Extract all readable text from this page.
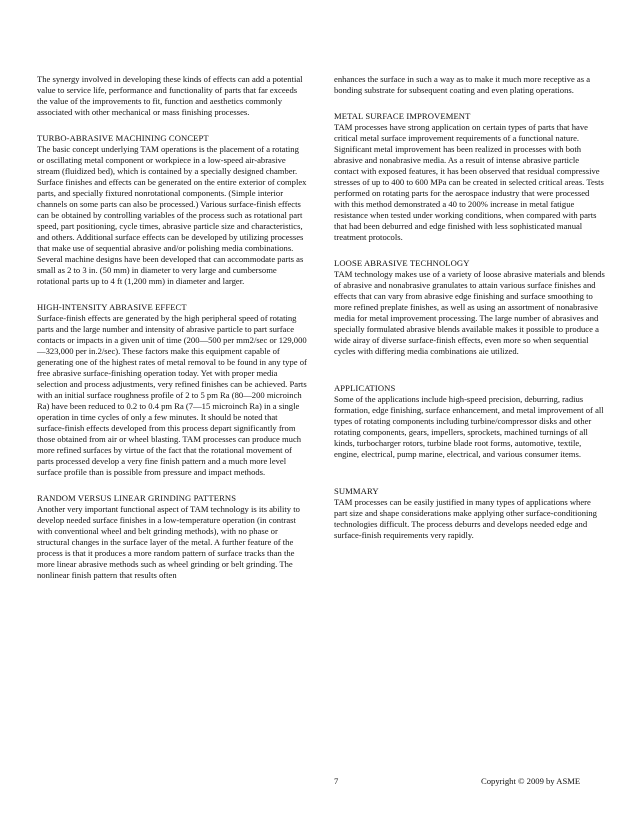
The synergy involved in developing these kinds of effects can add a potential value to service life, performance and functionality of parts that far exceeds the value of the improvements to fit, function and aesthetics commonly associated with other mechanical or mass finishing processes.

TURBO-ABRASIVE MACHINING CONCEPT

The basic concept underlying TAM operations is the placement of a rotating or oscillating metal component or workpiece in a low-speed air-abrasive stream (fluidized bed), which is contained by a specially designed chamber. Surface finishes and effects can be generated on the entire exterior of complex parts, and specially fixtured nonrotational components. (Simple interior channels on some parts can also be processed.) Various surface-finish effects can be obtained by controlling variables of the process such as rotational part speed, part positioning, cycle times, abrasive particle size and characteristics, and others. Additional surface effects can be developed by utilizing processes that make use of sequential abrasive and/or polishing media combinations. Several machine designs have been developed that can accommodate parts as small as 2 to 3 in. (50 mm) in diameter to very large and cumbersome rotational parts up to 4 ft (1,200 mm) in diameter and larger.

HIGH-INTENSITY ABRASIVE EFFECT

Surface-finish effects are generated by the high peripheral speed of rotating parts and the large number and intensity of abrasive particle to part surface contacts or impacts in a given unit of time (200—500 per mm2/sec or 129,000—323,000 per in.2/sec). These factors make this equipment capable of generating one of the highest rates of metal removal to be found in any type of free abrasive surface-finishing operation today. Yet with proper media selection and process adjustments, very refined finishes can be achieved. Parts with an initial surface roughness profile of 2 to 5 pm Ra (80—200 microinch Ra) have been reduced to 0.2 to 0.4 pm Ra (7—15 microinch Ra) in a single operation in time cycles of only a few minutes. It should be noted that surface-finish effects developed from this process depart significantly from those obtained from air or wheel blasting. TAM processes can produce much more refined surfaces by virtue of the fact that the rotational movement of parts processed develop a very fine finish pattern and a much more level surface profile than is possible from pressure and impact methods.

RANDOM VERSUS LINEAR GRINDING PATTERNS

Another very important functional aspect of TAM technology is its ability to develop needed surface finishes in a low-temperature operation (in contrast with conventional wheel and belt grinding methods), with no phase or structural changes in the surface layer of the metal. A further feature of the process is that it produces a more random pattern of surface tracks than the more linear abrasive methods such as wheel grinding or belt grinding. The nonlinear finish pattern that results often

enhances the surface in such a way as to make it much more receptive as a bonding substrate for subsequent coating and even plating operations.

METAL SURFACE IMPROVEMENT

TAM processes have strong application on certain types of parts that have critical metal surface improvement requirements of a functional nature. Significant metal improvement has been realized in processes with both abrasive and nonabrasive media. As a resuit of intense abrasive particle contact with exposed features, it has been observed that residual compressive stresses of up to 400 to 600 MPa can be created in selected critical areas. Tests performed on rotating parts for the aerospace industry that were processed with this method demonstrated a 40 to 200% increase in metal fatigue resistance when tested under working conditions, when compared with parts that had been deburred and edge finished with less sophisticated manual treatment protocols.

LOOSE ABRASIVE TECHNOLOGY

TAM technology makes use of a variety of loose abrasive materials and blends of abrasive and nonabrasive granulates to attain various surface finishes and effects that can vary from abrasive edge finishing and surface smoothing to more refined preplate finishes, as well as using an assortment of nonabrasive media for metal improvement processing. The large number of abrasives and specially formulated abrasive blends available makes it possible to produce a wide airay of diverse surface-finish effects, even more so when sequential cycles with differing media combinations aie utilized.

APPLICATIONS

Some of the applications include high-speed precision, deburring, radius formation, edge finishing, surface enhancement, and metal improvement of all types of rotating components including turbine/compressor disks and other rotating components, gears, impellers, sprockets, machined turnings of all kinds, turbocharger rotors, turbine blade root forms, automotive, textile, engine, electrical, pump marine, electrical, and various consumer items.

SUMMARY

TAM processes can be easily justified in many types of applications where part size and shape considerations make applying other surface-conditioning technologies difficult. The process deburrs and develops needed edge and surface-finish requirements very rapidly.

7	Copyright © 2009 by ASME
